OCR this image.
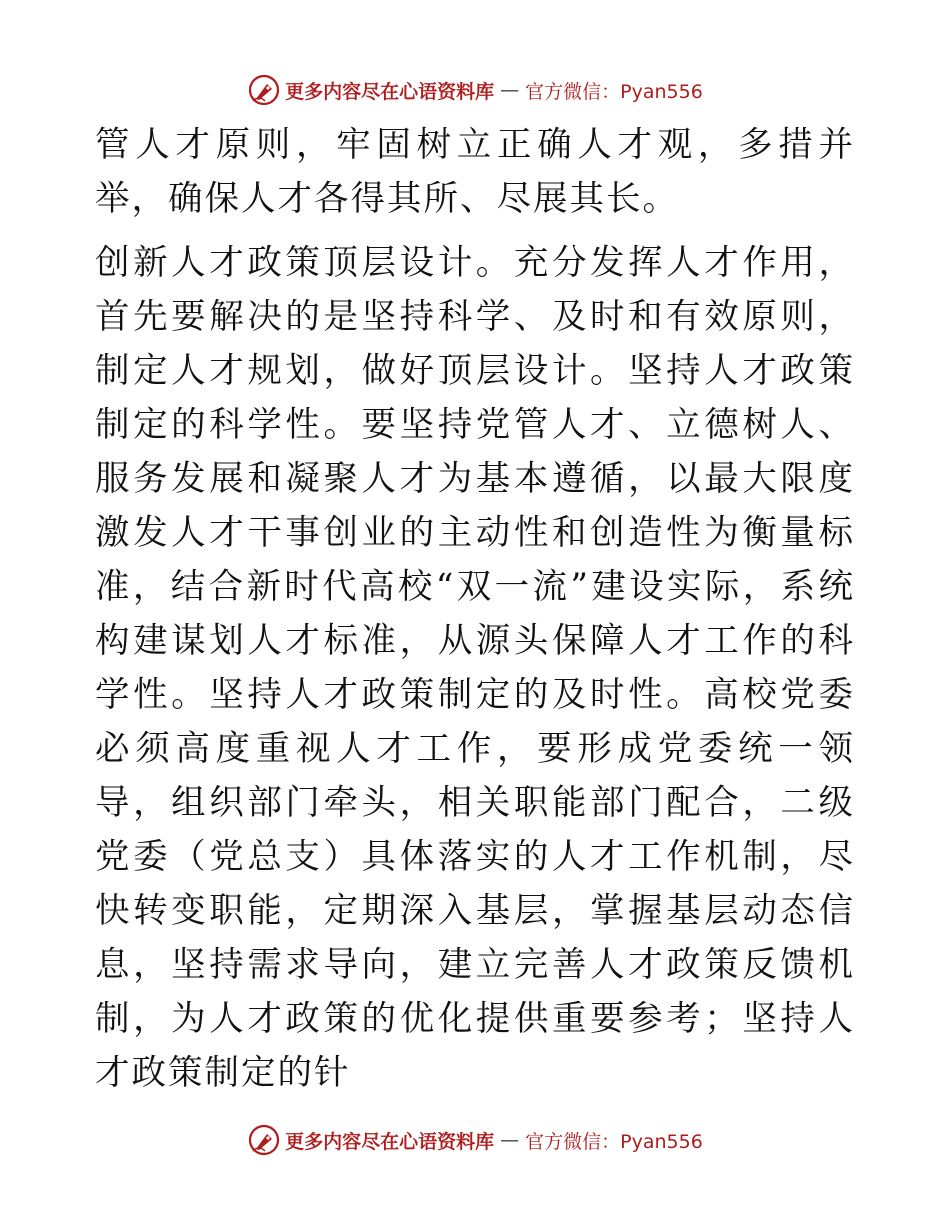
更多内容尽在心语资料库 — 官方微信：Pyan556

管人才原则，牢固树立正确人才观，多措并举，确保人才各得其所、尽展其长。

创新人才政策顶层设计。充分发挥人才作用，首先要解决的是坚持科学、及时和有效原则，制定人才规划，做好顶层设计。坚持人才政策制定的科学性。要坚持党管人才、立德树人、服务发展和凝聚人才为基本遵循，以最大限度激发人才干事创业的主动性和创造性为衡量标准，结合新时代高校“双一流”建设实际，系统构建谋划人才标准，从源头保障人才工作的科学性。坚持人才政策制定的及时性。高校党委必须高度重视人才工作，要形成党委统一领导，组织部门牵头，相关职能部门配合，二级党委（党总支）具体落实的人才工作机制，尽快转变职能，定期深入基层，掌握基层动态信息，坚持需求导向，建立完善人才政策反馈机制，为人才政策的优化提供重要参考；坚持人才政策制定的针

更多内容尽在心语资料库 — 官方微信：Pyan556
